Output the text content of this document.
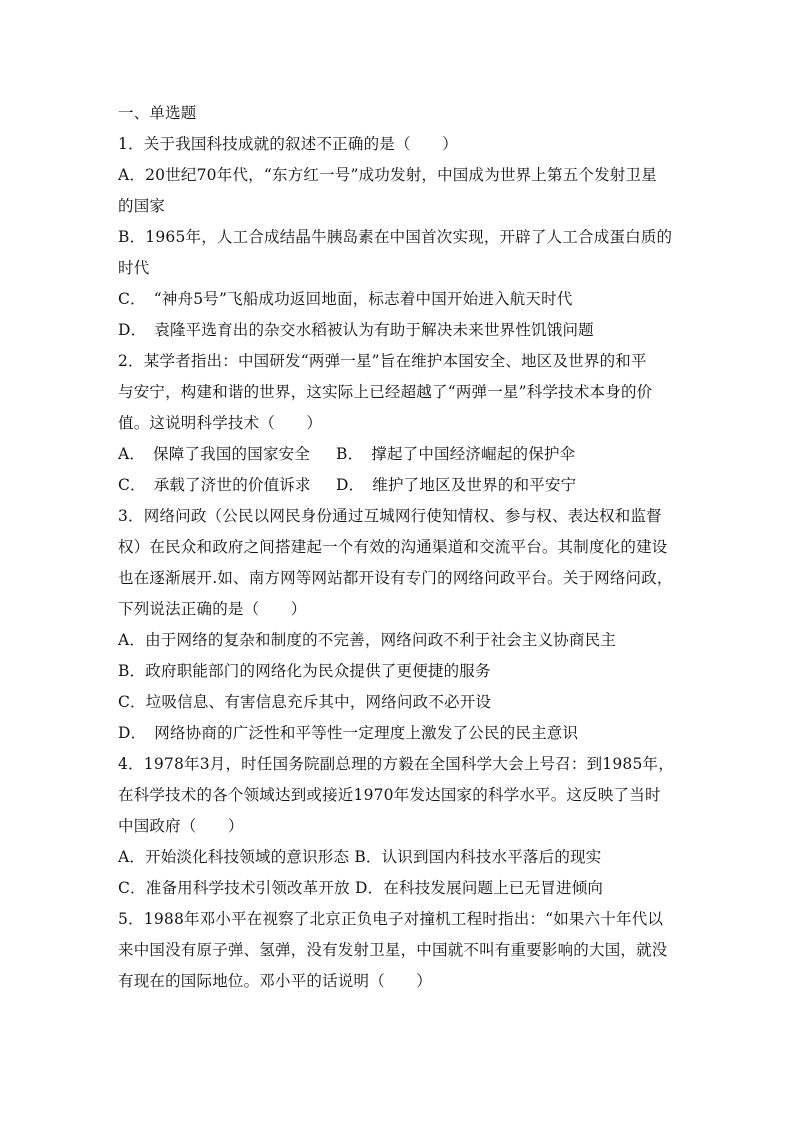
一、单选题
1．关于我国科技成就的叙述不正确的是（　　）
A．20世纪70年代，“东方红一号”成功发射，中国成为世界上第五个发射卫星
的国家
B．1965年，人工合成结晶牛胰岛素在中国首次实现，开辟了人工合成蛋白质的
时代
C．　“神舟5号”飞船成功返回地面，标志着中国开始进入航天时代
D．　袁隆平选育出的杂交水稻被认为有助于解决未来世界性饥饿问题
2．某学者指出：中国研发“两弹一星”旨在维护本国安全、地区及世界的和平
与安宁，构建和谐的世界，这实际上已经超越了“两弹一星”科学技术本身的价
值。这说明科学技术（　　）
A．　保障了我国的国家安全	B．　撑起了中国经济崛起的保护伞
C．　承载了济世的价值诉求	D．　维护了地区及世界的和平安宁
3．网络问政（公民以网民身份通过互城网行使知情权、参与权、表达权和监督
权）在民众和政府之间搭建起一个有效的沟通渠道和交流平台。其制度化的建设
也在逐渐展开.如、南方网等网站都开设有专门的网络问政平台。关于网络问政，
下列说法正确的是（　　）
A．由于网络的复杂和制度的不完善，网络问政不利于社会主义协商民主
B．政府职能部门的网络化为民众提供了更便捷的服务
C．垃吸信息、有害信息充斥其中，网络问政不必开设
D．　网络协商的广泛性和平等性一定理度上激发了公民的民主意识
4．1978年3月，时任国务院副总理的方毅在全国科学大会上号召：到1985年，
在科学技术的各个领域达到或接近1970年发达国家的科学水平。这反映了当时
中国政府（　　）
A．开始淡化科技领域的意识形态 B．认识到国内科技水平落后的现实
C．准备用科学技术引领改革开放 D．在科技发展问题上已无冒进倾向
5．1988年邓小平在视察了北京正负电子对撞机工程时指出：“如果六十年代以
来中国没有原子弹、氢弹，没有发射卫星，中国就不叫有重要影响的大国，就没
有现在的国际地位。邓小平的话说明（　　）
